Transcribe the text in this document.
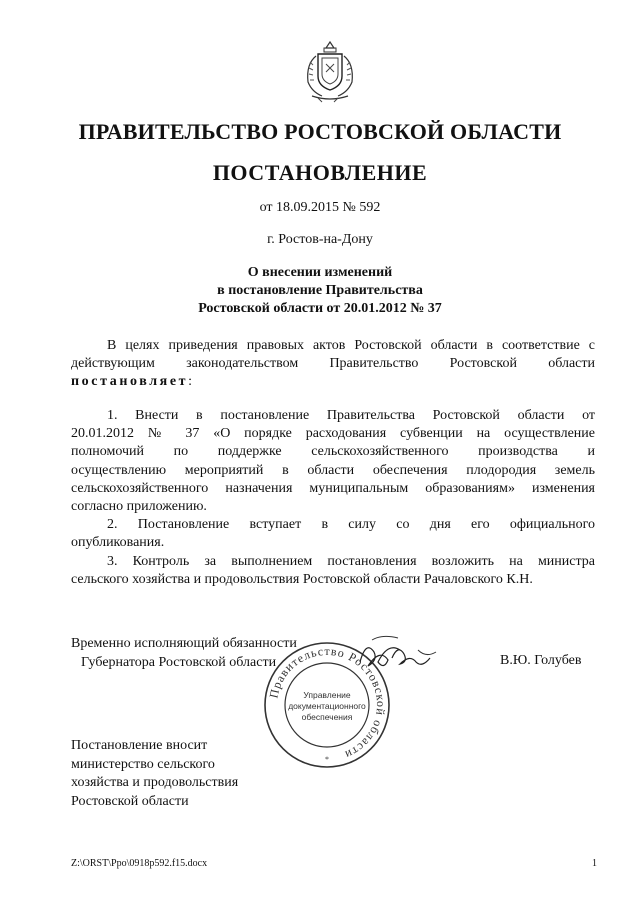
ПРАВИТЕЛЬСТВО РОСТОВСКОЙ ОБЛАСТИ
ПОСТАНОВЛЕНИЕ
от 18.09.2015 № 592
г. Ростов-на-Дону
О внесении изменений
в постановление Правительства
Ростовской области от 20.01.2012 № 37
В целях приведения правовых актов Ростовской области в соответствие с
действующим законодательством Правительство Ростовской области
постановляет:
1. Внести в постановление Правительства Ростовской области от
20.01.2012 № 37 «О порядке расходования субвенции на осуществление
полномочий по поддержке сельскохозяйственного производства и
осуществлению мероприятий в области обеспечения плодородия земель
сельскохозяйственного назначения муниципальным образованиям» изменения
согласно приложению.
2. Постановление вступает в силу со дня его официального
опубликования.
3. Контроль за выполнением постановления возложить на министра
сельского хозяйства и продовольствия Ростовской области Рачаловского К.Н.
Временно исполняющий обязанности
Губернатора Ростовской области	В.Ю. Голубев
Правительство Ростовской области
Управление
документационного
обеспечения
*
Постановление вносит
министерство сельского
хозяйства и продовольствия
Ростовской области
Z:\ORST\Ppo\0918p592.f15.docx	1
